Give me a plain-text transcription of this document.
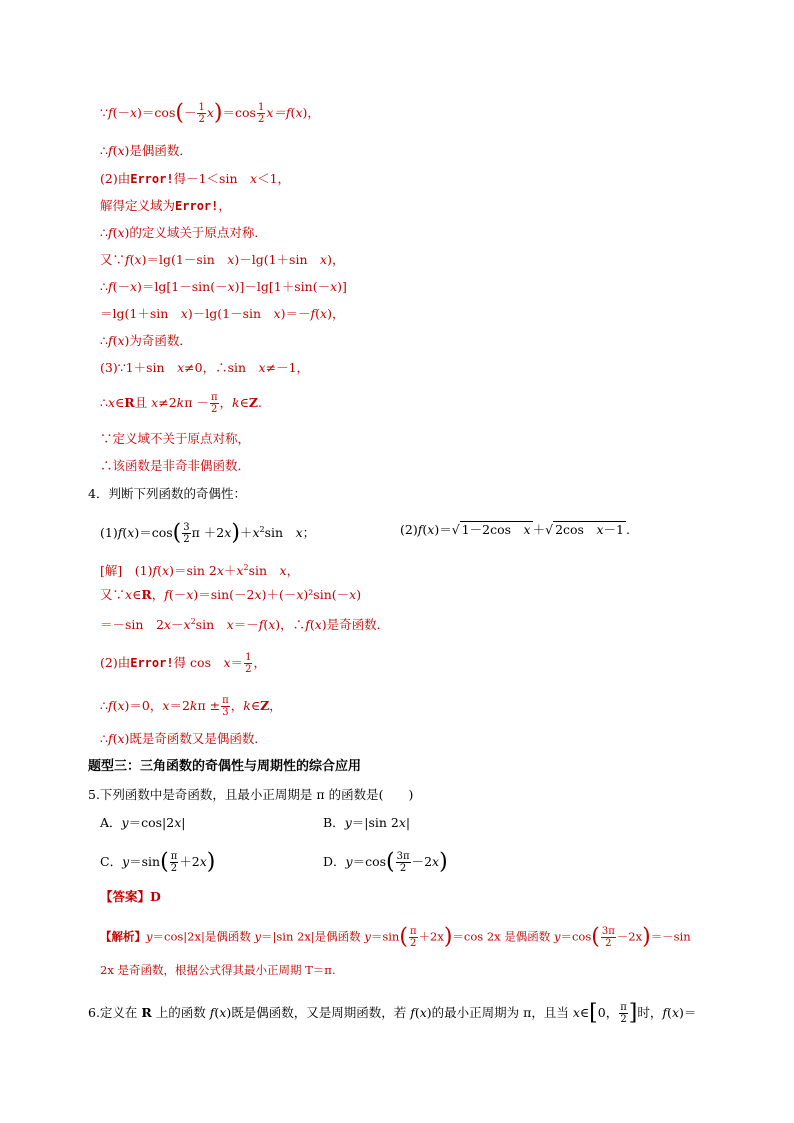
∵f(－x)＝cos(－ $\frac{1}{2} x)=\cos \frac{1}{2} x=f(x)$，
∴f(x)是偶函数．
(2)由Error!得－1＜sin　x＜1，
解得定义域为Error!，
∴f(x)的定义域关于原点对称．
又∵f(x)＝lg(1－sin　x)－lg(1＋sin　x)，
∴f(－x)＝lg[1－sin(－x)]－lg[1＋sin(－x)]
＝lg(1＋sin　x)－lg(1－sin　x)＝－f(x)，
∴f(x)为奇函数．
(3)∵1＋sin　x≠0，∴sin　x≠－1，
∴x∈R且 $x\ne 2k\pi - \frac{\pi}{2}$ ，k∈Z.
∵定义域不关于原点对称，
∴该函数是非奇非偶函数．
4．判断下列函数的奇偶性：
$(1)f(x)=\cos( \frac{3}{2}$ $\pi +2x)+x^2\sin$　x；	(2)f(x)＝√ 1－2cos　x ＋√ 2cos　x－1 .
[解]　(1)f(x)＝sin $2x+x^2\sin$　x，
又∵x∈R，f(－x)＝sin(－2x)＋(－x)²sin(－x)
＝－sin　$2x-x^2\sin$　x＝－f(x)，∴f(x)是奇函数．
(2)由Error!得 cos　$x= \frac{1}{2}$ ，
∴f(x)＝0，$x=2k\pi \pm \frac{\pi}{3}$ ，k∈Z，
∴f(x)既是奇函数又是偶函数．
题型三：三角函数的奇偶性与周期性的综合应用
5.下列函数中是奇函数，且最小正周期是 π 的函数是(　　)
A．y＝cos|2x|	B．y＝|sin 2x|
C．$y=\sin( \frac{\pi}{2} +2x)$	D．$y=\cos( \frac{3\pi}{2} -2x)$
【答案】D
【解析】y＝cos|2x|是偶函数 y＝|sin 2x|是偶函数 $y=\sin( \frac{\pi}{2} +2x)=\cos$ 2x 是偶函数 $y=\cos( \frac{3\pi}{2} -2x)=-\sin$
2x 是奇函数，根据公式得其最小正周期 T＝π.
6.定义在 R 上的函数 f(x)既是偶函数，又是周期函数，若 f(x)的最小正周期为 π，且当 x∈[0， $\frac{\pi}{2}$ ]时，f(x)＝
